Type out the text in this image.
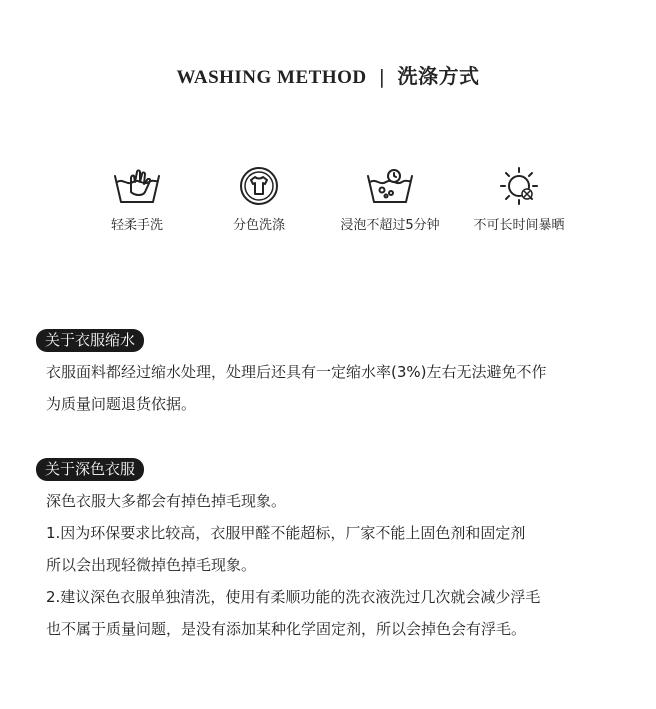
WASHING METHOD | 洗涤方式
轻柔手洗	分色洗涤	浸泡不超过5分钟	不可长时间暴晒
关于衣服缩水
衣服面料都经过缩水处理，处理后还具有一定缩水率(3%)左右无法避免不作
为质量问题退货依据。
关于深色衣服
深色衣服大多都会有掉色掉毛现象。
1.因为环保要求比较高，衣服甲醛不能超标，厂家不能上固色剂和固定剂
所以会出现轻微掉色掉毛现象。
2.建议深色衣服单独清洗，使用有柔顺功能的洗衣液洗过几次就会减少浮毛
也不属于质量问题，是没有添加某种化学固定剂，所以会掉色会有浮毛。
